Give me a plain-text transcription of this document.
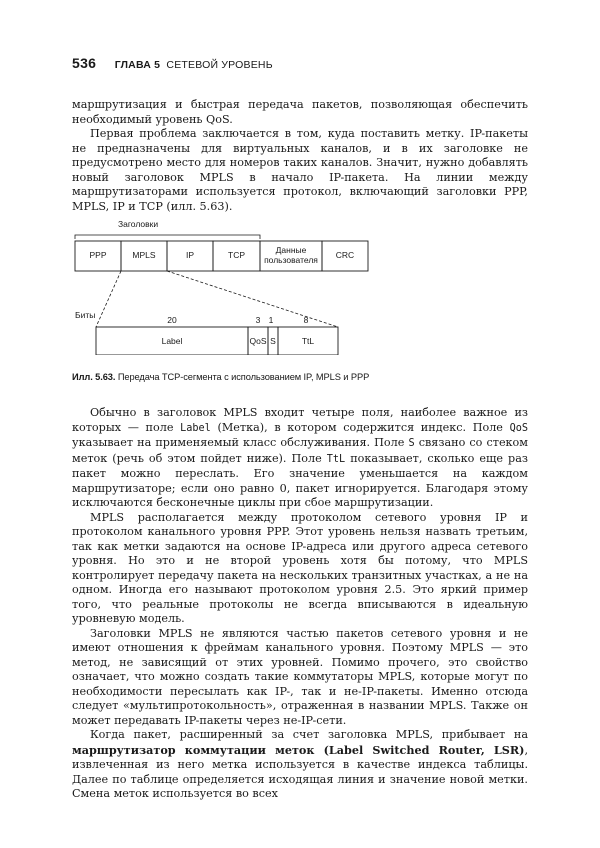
536 ГЛАВА 5 СЕТЕВОЙ УРОВЕНЬ

маршрутизация и быстрая передача пакетов, позволяющая обеспечить необходимый уровень QoS.

Первая проблема заключается в том, куда поставить метку. IP-пакеты не предназначены для виртуальных каналов, и в их заголовке не предусмотрено место для номеров таких каналов. Значит, нужно добавлять новый заголовок MPLS в начало IP-пакета. На линии между маршрутизаторами используется протокол, включающий заголовки PPP, MPLS, IP и TCP (илл. 5.63).

Заголовки
PPP	MPLS	IP	TCP	Данные пользователя CRC
Биты	20	3 1	8
Label	QoS S	TtL
Илл. 5.63. Передача TCP-сегмента с использованием IP, MPLS и PPP

Обычно в заголовок MPLS входит четыре поля, наиболее важное из которых — поле Label (Метка), в котором содержится индекс. Поле QoS указывает на применяемый класс обслуживания. Поле S связано со стеком меток (речь об этом пойдет ниже). Поле TtL показывает, сколько еще раз пакет можно переслать. Его значение уменьшается на каждом маршрутизаторе; если оно равно 0, пакет игнорируется. Благодаря этому исключаются бесконечные циклы при сбое маршрутизации.

MPLS располагается между протоколом сетевого уровня IP и протоколом канального уровня PPP. Этот уровень нельзя назвать третьим, так как метки задаются на основе IP-адреса или другого адреса сетевого уровня. Но это и не второй уровень хотя бы потому, что MPLS контролирует передачу пакета на нескольких транзитных участках, а не на одном. Иногда его называют протоколом уровня 2.5. Это яркий пример того, что реальные протоколы не всегда вписываются в идеальную уровневую модель.

Заголовки MPLS не являются частью пакетов сетевого уровня и не имеют отношения к фреймам канального уровня. Поэтому MPLS — это метод, не зависящий от этих уровней. Помимо прочего, это свойство означает, что можно создать такие коммутаторы MPLS, которые могут по необходимости пересылать как IP-, так и не-IP-пакеты. Именно отсюда следует «мультипротокольность», отраженная в названии MPLS. Также он может передавать IP-пакеты через не-IP-сети.

Когда пакет, расширенный за счет заголовка MPLS, прибывает на маршрутизатор коммутации меток (Label Switched Router, LSR), извлеченная из него метка используется в качестве индекса таблицы. Далее по таблице определяется исходящая линия и значение новой метки. Смена меток используется во всех
